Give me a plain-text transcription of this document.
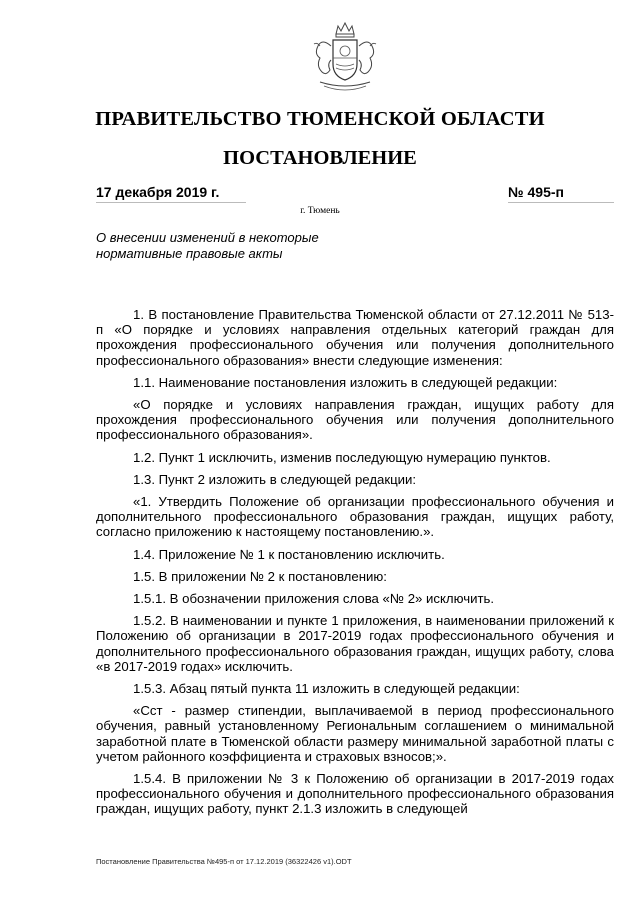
ПРАВИТЕЛЬСТВО ТЮМЕНСКОЙ ОБЛАСТИ
ПОСТАНОВЛЕНИЕ
17 декабря 2019 г.	№ 495-п
г. Тюмень

О внесении изменений в некоторые
нормативные правовые акты

1. В постановление Правительства Тюменской области от 27.12.2011 № 513-п «О порядке и условиях направления отдельных категорий граждан для прохождения профессионального обучения или получения дополнительного профессионального образования» внести следующие изменения:

1.1. Наименование постановления изложить в следующей редакции:

«О порядке и условиях направления граждан, ищущих работу для прохождения профессионального обучения или получения дополнительного профессионального образования».

1.2. Пункт 1 исключить, изменив последующую нумерацию пунктов.

1.3. Пункт 2 изложить в следующей редакции:

«1. Утвердить Положение об организации профессионального обучения и дополнительного профессионального образования граждан, ищущих работу, согласно приложению к настоящему постановлению.».

1.4. Приложение № 1 к постановлению исключить.

1.5. В приложении № 2 к постановлению:

1.5.1. В обозначении приложения слова «№ 2» исключить.

1.5.2. В наименовании и пункте 1 приложения, в наименовании приложений к Положению об организации в 2017-2019 годах профессионального обучения и дополнительного профессионального образования граждан, ищущих работу, слова «в 2017-2019 годах» исключить.

1.5.3. Абзац пятый пункта 11 изложить в следующей редакции:

«Сст - размер стипендии, выплачиваемой в период профессионального обучения, равный установленному Региональным соглашением о минимальной заработной плате в Тюменской области размеру минимальной заработной платы с учетом районного коэффициента и страховых взносов;».

1.5.4. В приложении № 3 к Положению об организации в 2017-2019 годах профессионального обучения и дополнительного профессионального образования граждан, ищущих работу, пункт 2.1.3 изложить в следующей

Постановление Правительства №495-п от 17.12.2019 (36322426 v1).ODT
